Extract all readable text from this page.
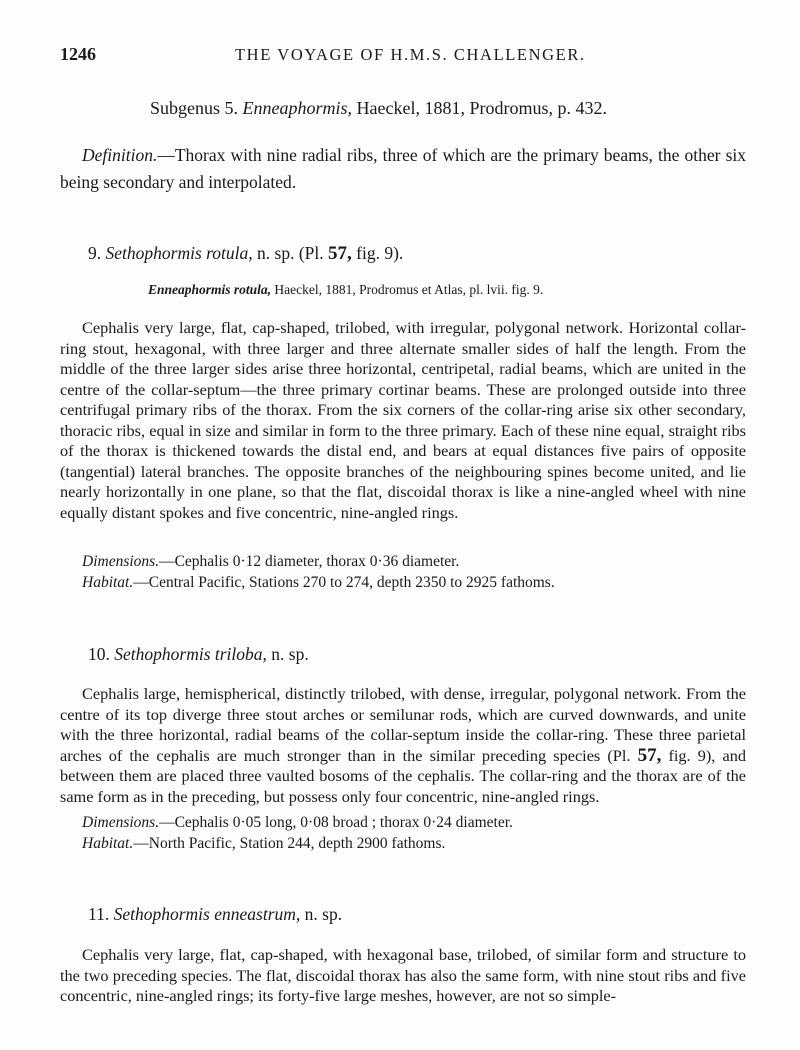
1246	THE VOYAGE OF H.M.S. CHALLENGER.
Subgenus 5. Enneaphormis, Haeckel, 1881, Prodromus, p. 432.

Definition.—Thorax with nine radial ribs, three of which are the primary beams, the other six being secondary and interpolated.

9. Sethophormis rotula, n. sp. (Pl. 57, fig. 9).
Enneaphormis rotula, Haeckel, 1881, Prodromus et Atlas, pl. lvii. fig. 9.

Cephalis very large, flat, cap-shaped, trilobed, with irregular, polygonal network. Horizontal collar-ring stout, hexagonal, with three larger and three alternate smaller sides of half the length. From the middle of the three larger sides arise three horizontal, centripetal, radial beams, which are united in the centre of the collar-septum—the three primary cortinar beams. These are prolonged outside into three centrifugal primary ribs of the thorax. From the six corners of the collar-ring arise six other secondary, thoracic ribs, equal in size and similar in form to the three primary. Each of these nine equal, straight ribs of the thorax is thickened towards the distal end, and bears at equal distances five pairs of opposite (tangential) lateral branches. The opposite branches of the neighbouring spines become united, and lie nearly horizontally in one plane, so that the flat, discoidal thorax is like a nine-angled wheel with nine equally distant spokes and five concentric, nine-angled rings.

Dimensions.—Cephalis 0·12 diameter, thorax 0·36 diameter.

Habitat.—Central Pacific, Stations 270 to 274, depth 2350 to 2925 fathoms.

10. Sethophormis triloba, n. sp.

Cephalis large, hemispherical, distinctly trilobed, with dense, irregular, polygonal network. From the centre of its top diverge three stout arches or semilunar rods, which are curved downwards, and unite with the three horizontal, radial beams of the collar-septum inside the collar-ring. These three parietal arches of the cephalis are much stronger than in the similar preceding species (Pl. 57, fig. 9), and between them are placed three vaulted bosoms of the cephalis. The collar-ring and the thorax are of the same form as in the preceding, but possess only four concentric, nine-angled rings.

Dimensions.—Cephalis 0·05 long, 0·08 broad ; thorax 0·24 diameter.

Habitat.—North Pacific, Station 244, depth 2900 fathoms.

11. Sethophormis enneastrum, n. sp.

Cephalis very large, flat, cap-shaped, with hexagonal base, trilobed, of similar form and structure to the two preceding species. The flat, discoidal thorax has also the same form, with nine stout ribs and five concentric, nine-angled rings; its forty-five large meshes, however, are not so simple-
